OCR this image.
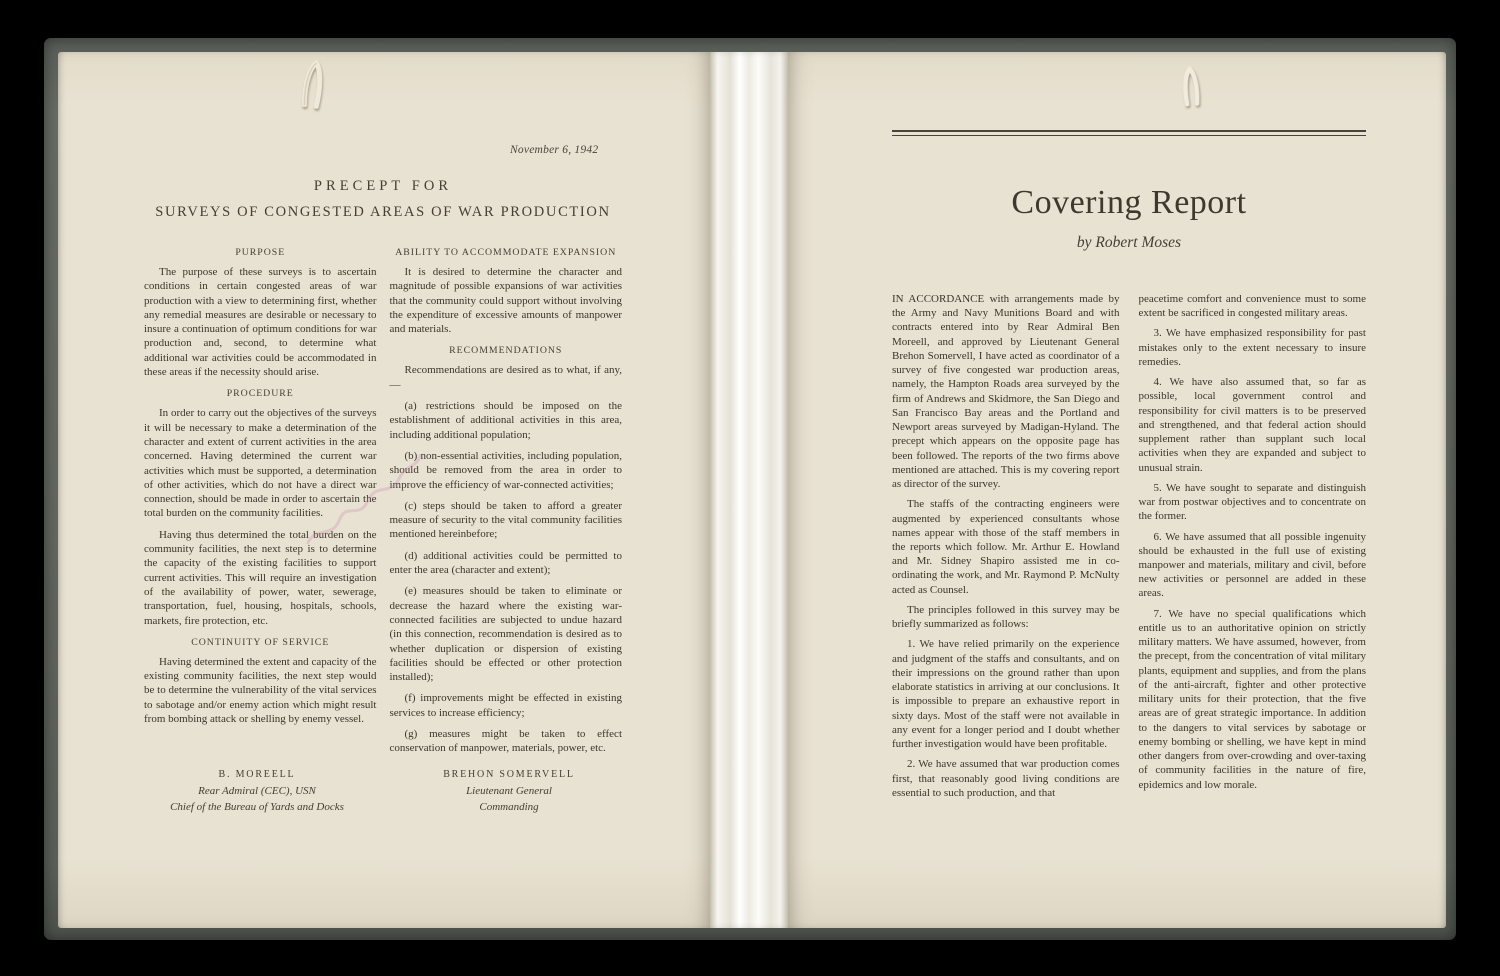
November 6, 1942
PRECEPT FOR
SURVEYS OF CONGESTED AREAS OF WAR PRODUCTION
PURPOSE

The purpose of these surveys is to ascertain conditions in certain congested areas of war production with a view to determining first, whether any remedial measures are desirable or necessary to insure a continuation of optimum conditions for war production and, second, to determine what additional war activities could be accommodated in these areas if the necessity should arise.

PROCEDURE

In order to carry out the objectives of the surveys it will be necessary to make a determination of the character and extent of current activities in the area concerned. Having determined the current war activities which must be supported, a determination of other activities, which do not have a direct war connection, should be made in order to ascertain the total burden on the community facilities.

Having thus determined the total burden on the community facilities, the next step is to determine the capacity of the existing facilities to support current activities. This will require an investigation of the availability of power, water, sewerage, transportation, fuel, housing, hospitals, schools, markets, fire protection, etc.

CONTINUITY OF SERVICE

Having determined the extent and capacity of the existing community facilities, the next step would be to determine the vulnerability of the vital services to sabotage and/or enemy action which might result from bombing attack or shelling by enemy vessel.

ABILITY TO ACCOMMODATE EXPANSION

It is desired to determine the character and magnitude of possible expansions of war activities that the community could support without involving the expenditure of excessive amounts of manpower and materials.

RECOMMENDATIONS

Recommendations are desired as to what, if any, —

(a) restrictions should be imposed on the establishment of additional activities in this area, including additional population;

(b) non-essential activities, including population, should be removed from the area in order to improve the efficiency of war-connected activities;

(c) steps should be taken to afford a greater measure of security to the vital community facilities mentioned hereinbefore;

(d) additional activities could be permitted to enter the area (character and extent);

(e) measures should be taken to eliminate or decrease the hazard where the existing war-connected facilities are subjected to undue hazard (in this connection, recommendation is desired as to whether duplication or dispersion of existing facilities should be effected or other protection installed);

(f) improvements might be effected in existing services to increase efficiency;

(g) measures might be taken to effect conservation of manpower, materials, power, etc.

B. MOREELL
Rear Admiral (CEC), USN
Chief of the Bureau of Yards and Docks
BREHON SOMERVELL
Lieutenant General
Commanding
Covering Report
by Robert Moses

IN ACCORDANCE with arrangements made by the Army and Navy Munitions Board and with contracts entered into by Rear Admiral Ben Moreell, and approved by Lieutenant General Brehon Somervell, I have acted as coordinator of a survey of five congested war production areas, namely, the Hampton Roads area surveyed by the firm of Andrews and Skidmore, the San Diego and San Francisco Bay areas and the Portland and Newport areas surveyed by Madigan-Hyland. The precept which appears on the opposite page has been followed. The reports of the two firms above mentioned are attached. This is my covering report as director of the survey.

The staffs of the contracting engineers were augmented by experienced consultants whose names appear with those of the staff members in the reports which follow. Mr. Arthur E. Howland and Mr. Sidney Shapiro assisted me in co-ordinating the work, and Mr. Raymond P. McNulty acted as Counsel.

The principles followed in this survey may be briefly summarized as follows:

1. We have relied primarily on the experience and judgment of the staffs and consultants, and on their impressions on the ground rather than upon elaborate statistics in arriving at our conclusions. It is impossible to prepare an exhaustive report in sixty days. Most of the staff were not available in any event for a longer period and I doubt whether further investigation would have been profitable.

2. We have assumed that war production comes first, that reasonably good living conditions are essential to such production, and that

peacetime comfort and convenience must to some extent be sacrificed in congested military areas.

3. We have emphasized responsibility for past mistakes only to the extent necessary to insure remedies.

4. We have also assumed that, so far as possible, local government control and responsibility for civil matters is to be preserved and strengthened, and that federal action should supplement rather than supplant such local activities when they are expanded and subject to unusual strain.

5. We have sought to separate and distinguish war from postwar objectives and to concentrate on the former.

6. We have assumed that all possible ingenuity should be exhausted in the full use of existing manpower and materials, military and civil, before new activities or personnel are added in these areas.

7. We have no special qualifications which entitle us to an authoritative opinion on strictly military matters. We have assumed, however, from the precept, from the concentration of vital military plants, equipment and supplies, and from the plans of the anti-aircraft, fighter and other protective military units for their protection, that the five areas are of great strategic importance. In addition to the dangers to vital services by sabotage or enemy bombing or shelling, we have kept in mind other dangers from over-crowding and over-taxing of community facilities in the nature of fire, epidemics and low morale.
